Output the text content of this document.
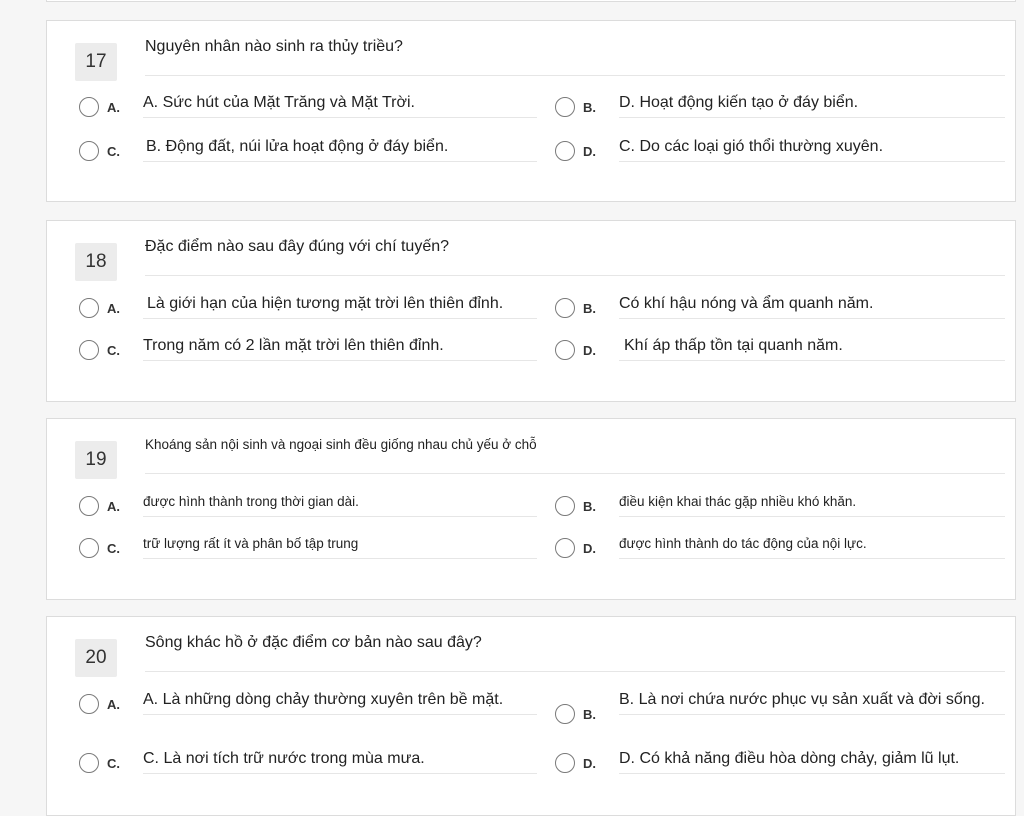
17
Nguyên nhân nào sinh ra thủy triều?
A. A. Sức hút của Mặt Trăng và Mặt Trời.	B. D. Hoạt động kiến tạo ở đáy biển.
C. B. Động đất, núi lửa hoạt động ở đáy biển.	D. C. Do các loại gió thổi thường xuyên.
18
Đặc điểm nào sau đây đúng với chí tuyến?
A. Là giới hạn của hiện tương mặt trời lên thiên đỉnh.	B. Có khí hậu nóng và ẩm quanh năm.
C. Trong năm có 2 lần mặt trời lên thiên đỉnh.	D.	Khí áp thấp tồn tại quanh năm.
19
Khoáng sản nội sinh và ngoại sinh đều giống nhau chủ yếu ở chỗ
A. được hình thành trong thời gian dài.	B. điều kiện khai thác gặp nhiều khó khăn.
C. trữ lượng rất ít và phân bố tập trung	D. được hình thành do tác động của nội lực.
20
Sông khác hồ ở đặc điểm cơ bản nào sau đây?
A. A. Là những dòng chảy thường xuyên trên bề mặt.
B.
B. Là nơi chứa nước phục vụ sản xuất và đời sống.
C. C. Là nơi tích trữ nước trong mùa mưa.	D. D. Có khả năng điều hòa dòng chảy, giảm lũ lụt.
